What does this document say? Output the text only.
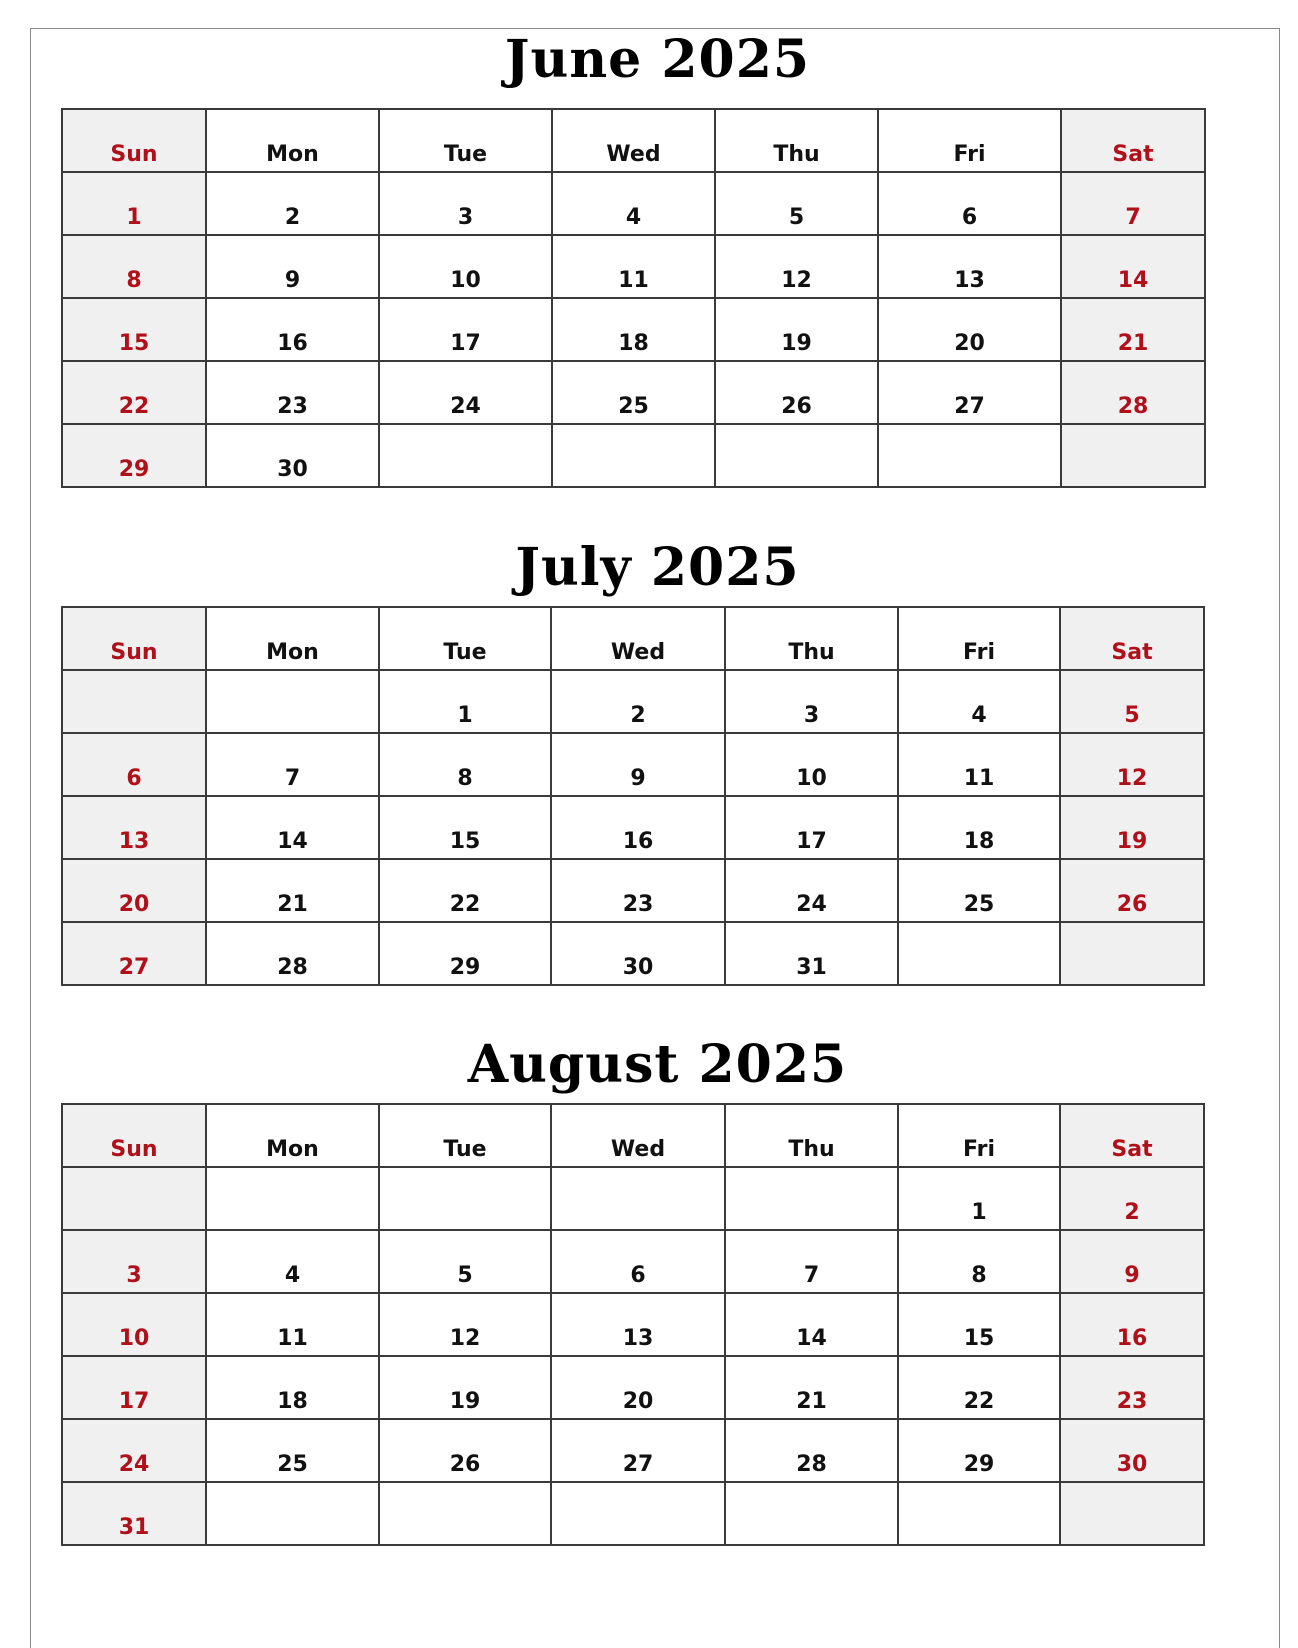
June 2025
Sun	Mon	Tue	Wed	Thu	Fri	Sat
1	2	3	4	5	6	7
8	9	10	11	12	13	14
15	16	17	18	19	20	21
22	23	24	25	26	27	28
29	30					
July 2025
Sun	Mon	Tue	Wed	Thu	Fri	Sat
		1	2	3	4	5
6	7	8	9	10	11	12
13	14	15	16	17	18	19
20	21	22	23	24	25	26
27	28	29	30	31		
August 2025
Sun	Mon	Tue	Wed	Thu	Fri	Sat
					1	2
3	4	5	6	7	8	9
10	11	12	13	14	15	16
17	18	19	20	21	22	23
24	25	26	27	28	29	30
31						
